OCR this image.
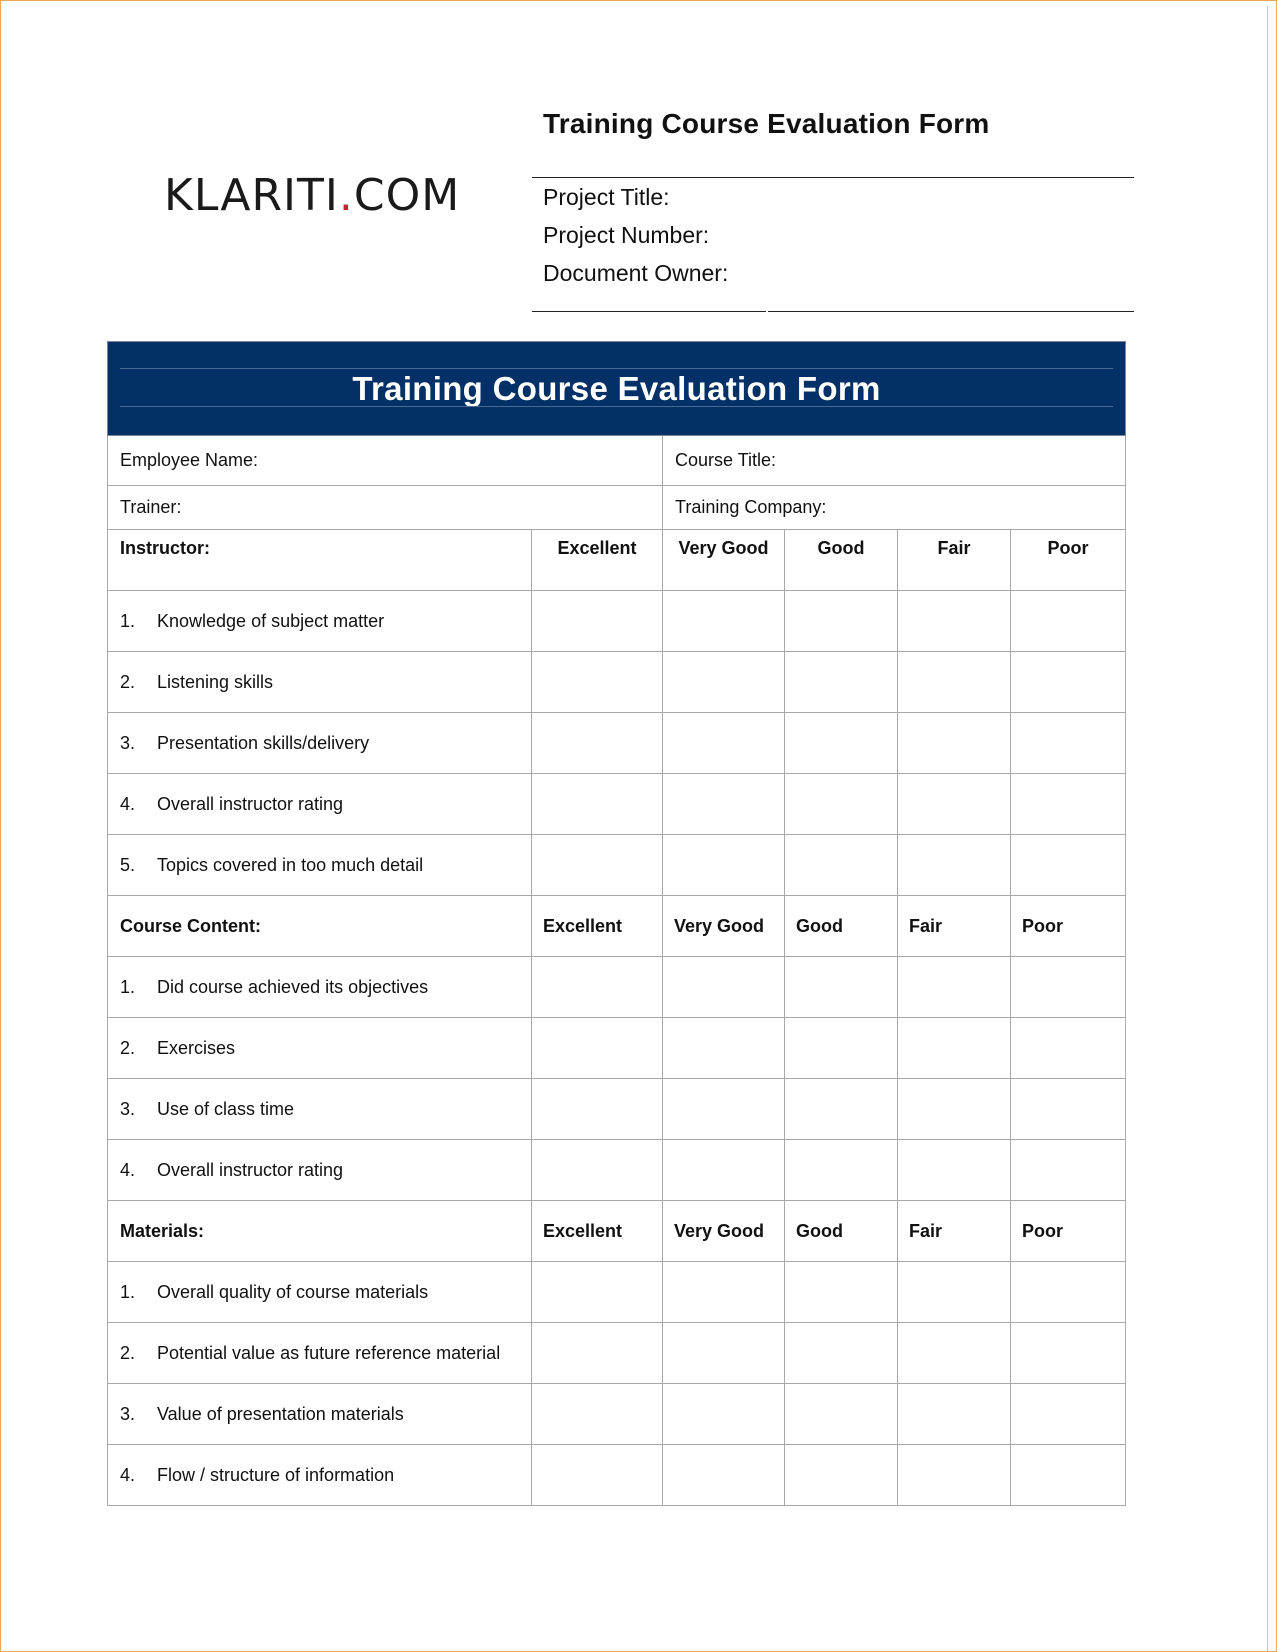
Training Course Evaluation Form
KLARITI.COM	Project Title:
Project Number:
Document Owner:
Training Course Evaluation Form					

Employee Name:		Course Title:			
Trainer:		Training Company:			
Instructor:	Excellent	Very Good	Good	Fair	Poor
1. Knowledge of subject matter					
2. Listening skills					
3. Presentation skills/delivery					
4. Overall instructor rating					
5. Topics covered in too much detail					
Course Content:	Excellent	Very Good	Good	Fair	Poor
1. Did course achieved its objectives					
2. Exercises					
3. Use of class time					
4. Overall instructor rating					
Materials:	Excellent	Very Good	Good	Fair	Poor
1. Overall quality of course materials					
2. Potential value as future reference material					
3. Value of presentation materials					
4. Flow / structure of information					
